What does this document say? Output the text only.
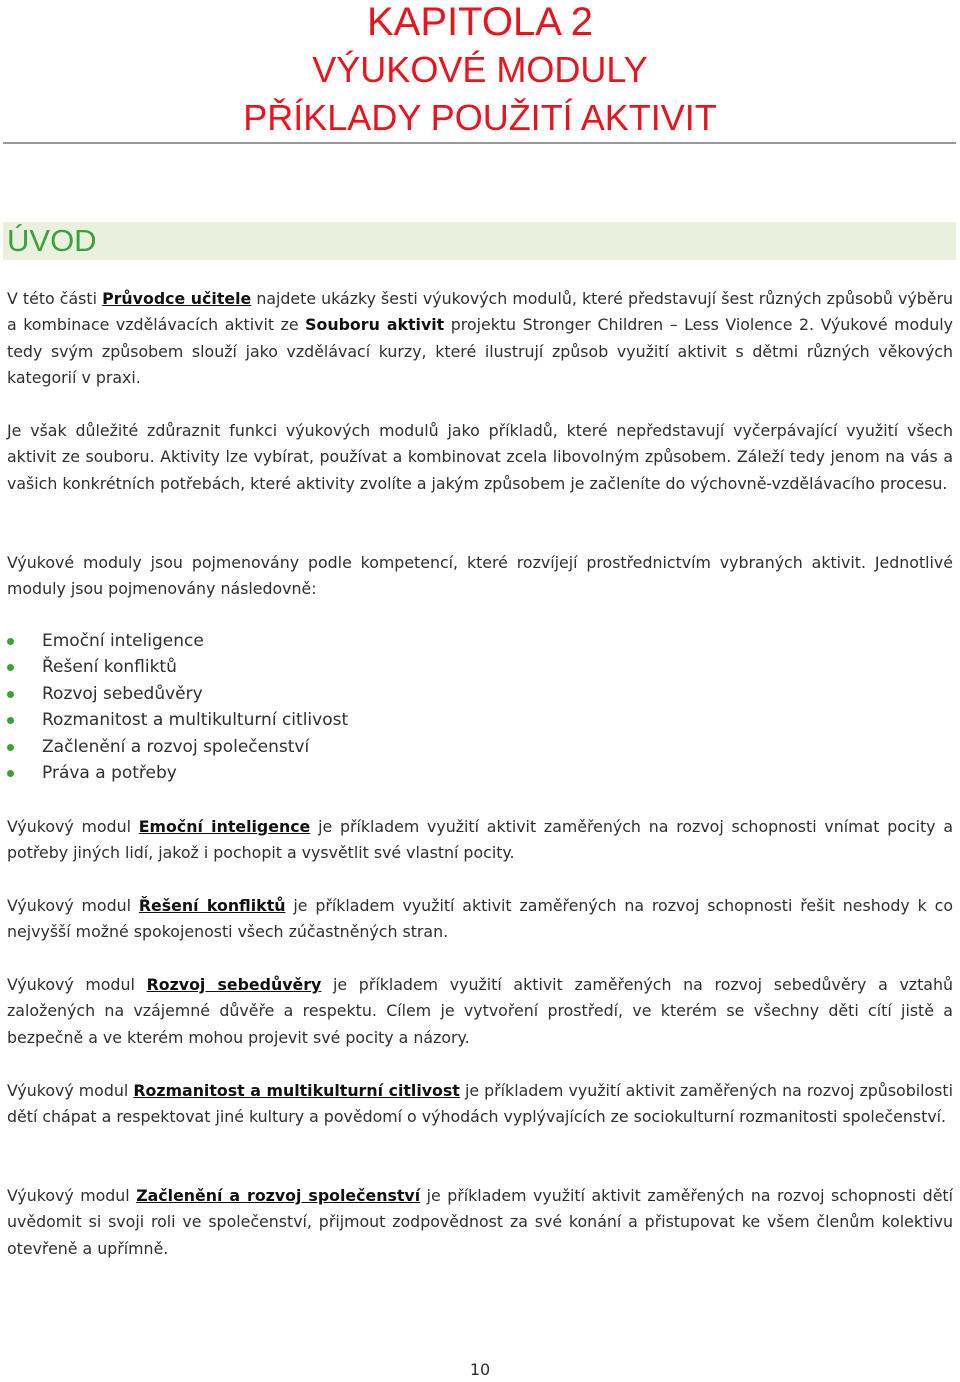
KAPITOLA 2
VÝUKOVÉ MODULY
PŘÍKLADY POUŽITÍ AKTIVIT
ÚVOD

V této části Průvodce učitele najdete ukázky šesti výukových modulů, které představují šest různých způsobů výběru a kombinace vzdělávacích aktivit ze Souboru aktivit projektu Stronger Children – Less Violence 2. Výukové moduly tedy svým způsobem slouží jako vzdělávací kurzy, které ilustrují způsob využití aktivit s dětmi různých věkových kategorií v praxi.

Je však důležité zdůraznit funkci výukových modulů jako příkladů, které nepředstavují vyčerpávající využití všech aktivit ze souboru. Aktivity lze vybírat, používat a kombinovat zcela libovolným způsobem. Záleží tedy jenom na vás a vašich konkrétních potřebách, které aktivity zvolíte a jakým způsobem je začleníte do výchovně-vzdělávacího procesu.

Výukové moduly jsou pojmenovány podle kompetencí, které rozvíjejí prostřednictvím vybraných aktivit. Jednotlivé moduly jsou pojmenovány následovně:

Emoční inteligence
Řešení konfliktů
Rozvoj sebedůvěry
Rozmanitost a multikulturní citlivost
Začlenění a rozvoj společenství
Práva a potřeby

Výukový modul Emoční inteligence je příkladem využití aktivit zaměřených na rozvoj schopnosti vnímat pocity a potřeby jiných lidí, jakož i pochopit a vysvětlit své vlastní pocity.

Výukový modul Řešení konfliktů je příkladem využití aktivit zaměřených na rozvoj schopnosti řešit neshody k co nejvyšší možné spokojenosti všech zúčastněných stran.

Výukový modul Rozvoj sebedůvěry je příkladem využití aktivit zaměřených na rozvoj sebedůvěry a vztahů založených na vzájemné důvěře a respektu. Cílem je vytvoření prostředí, ve kterém se všechny děti cítí jistě a bezpečně a ve kterém mohou projevit své pocity a názory.

Výukový modul Rozmanitost a multikulturní citlivost je příkladem využití aktivit zaměřených na rozvoj způsobilosti dětí chápat a respektovat jiné kultury a povědomí o výhodách vyplývajících ze sociokulturní rozmanitosti společenství.

Výukový modul Začlenění a rozvoj společenství je příkladem využití aktivit zaměřených na rozvoj schopnosti dětí uvědomit si svoji roli ve společenství, přijmout zodpovědnost za své konání a přistupovat ke všem členům kolektivu otevřeně a upřímně.

10
